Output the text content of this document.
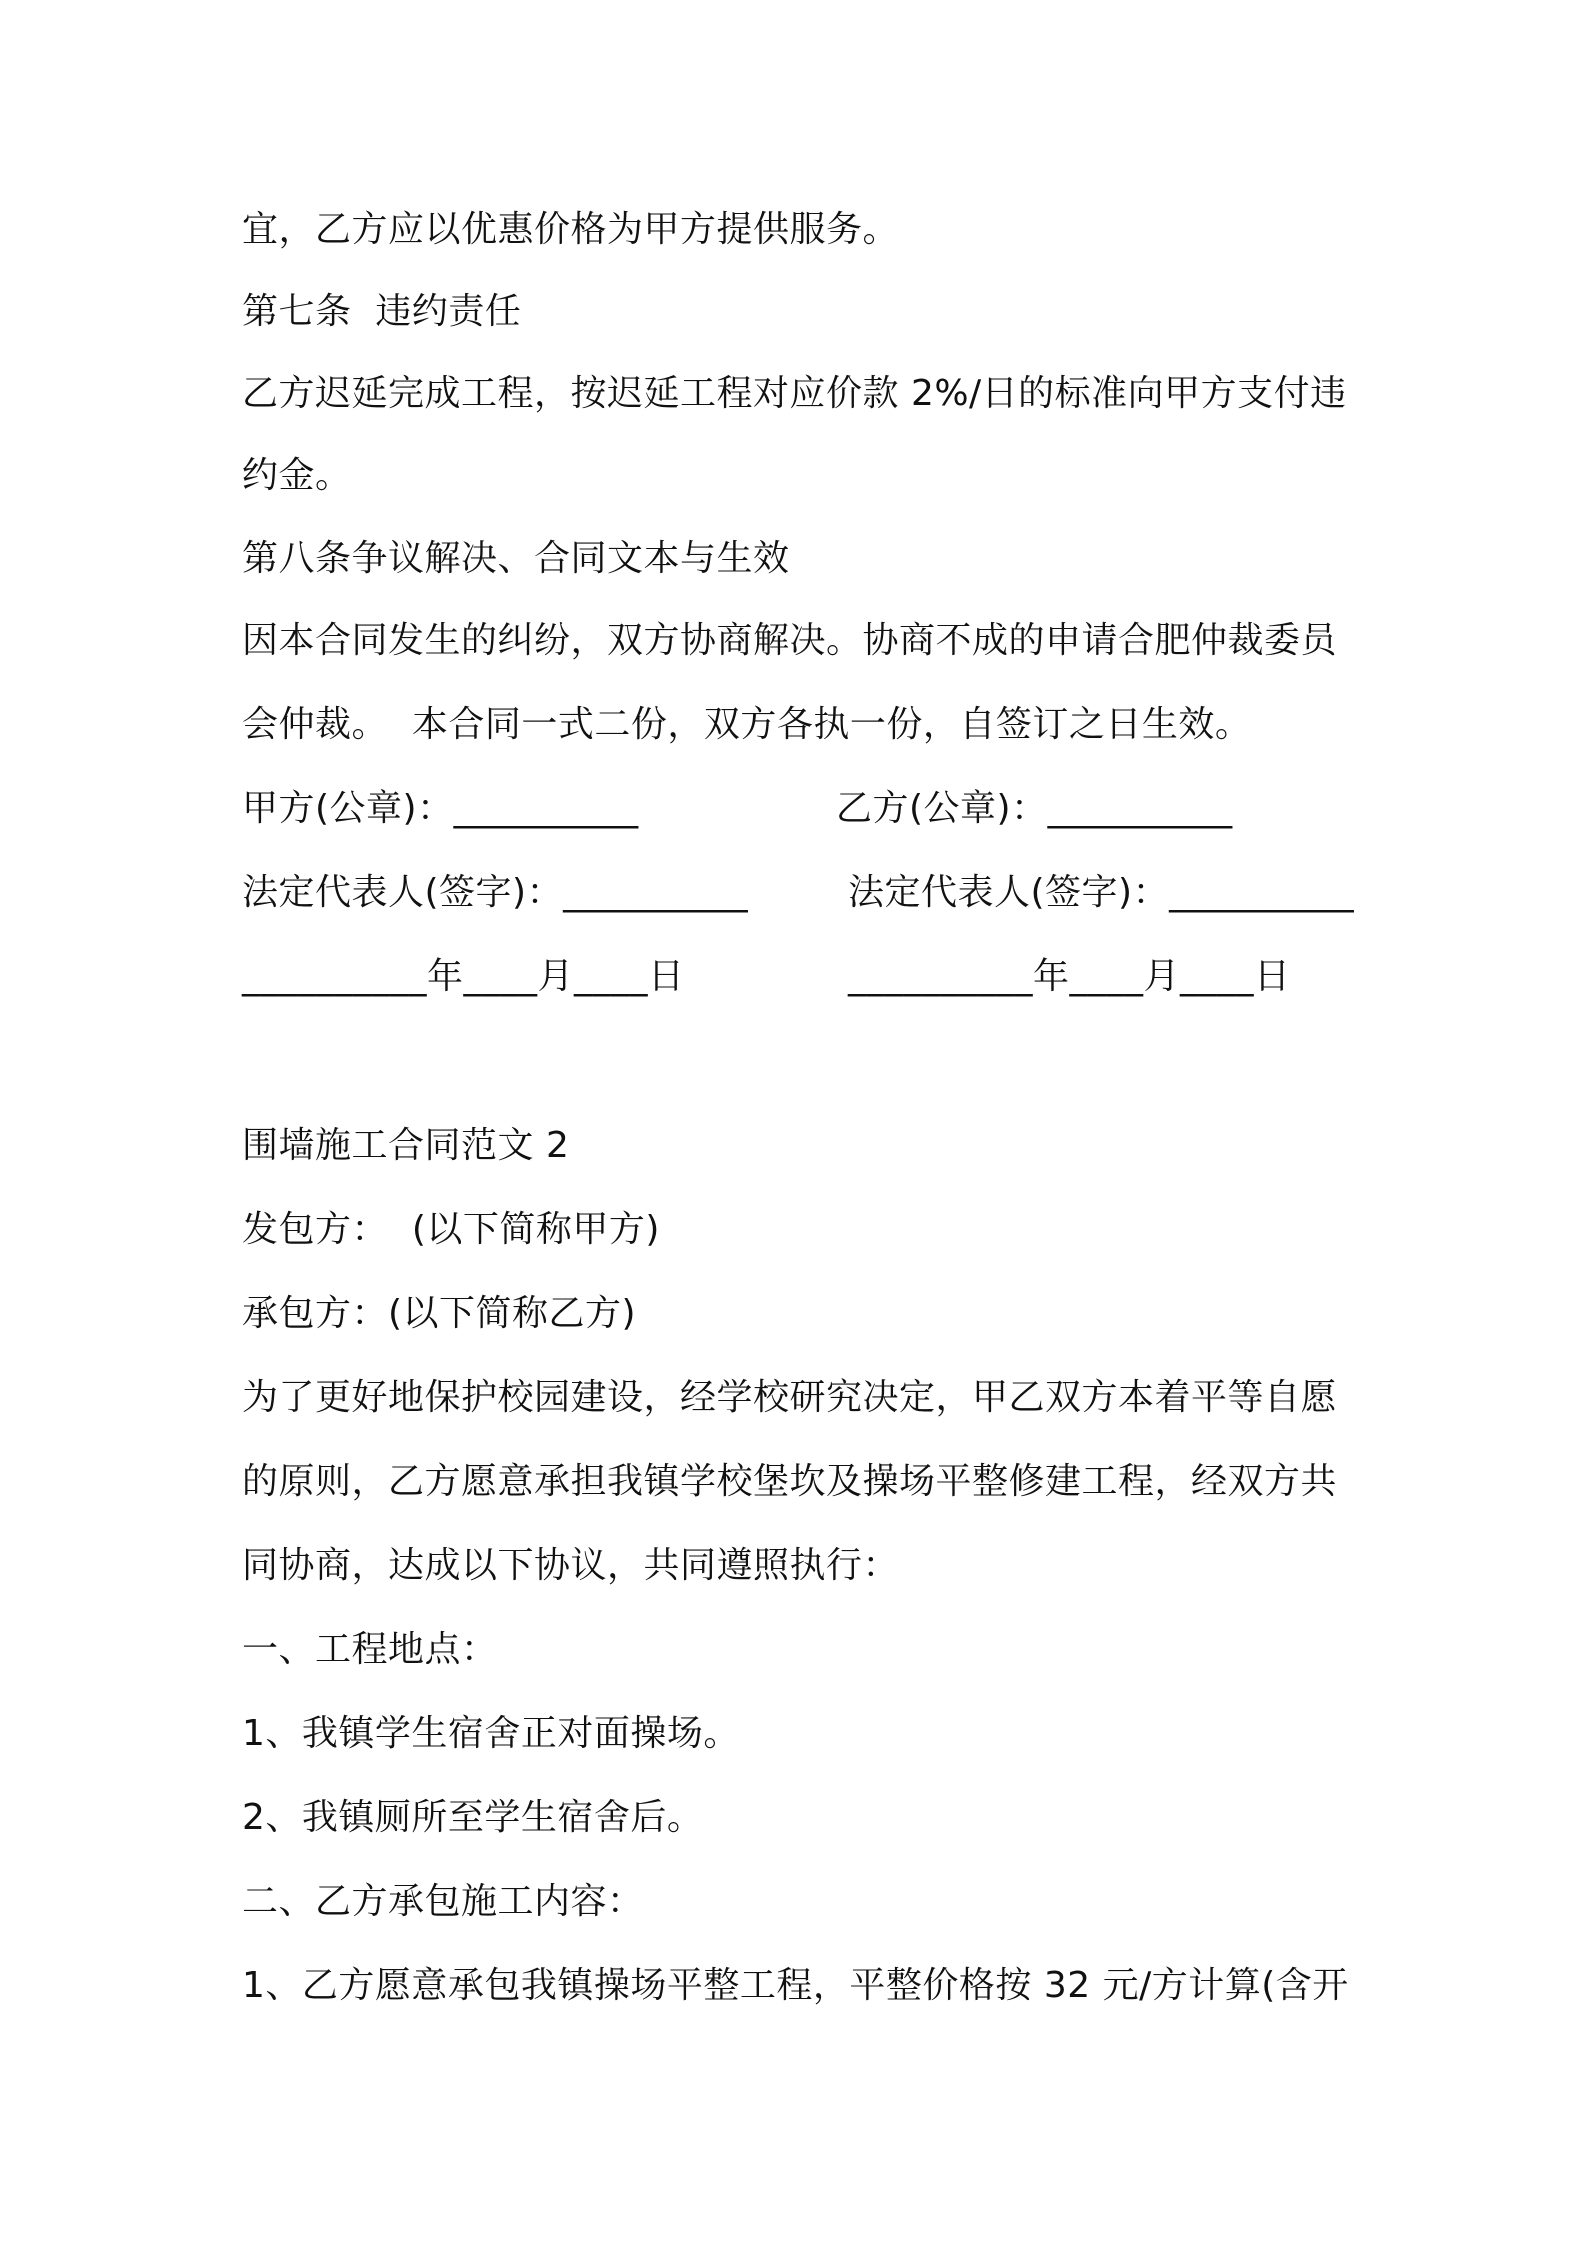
宜，乙方应以优惠价格为甲方提供服务。
第七条  违约责任
乙方迟延完成工程，按迟延工程对应价款 2%/日的标准向甲方支付违
约金。
第八条争议解决、合同文本与生效
因本合同发生的纠纷，双方协商解决。协商不成的申请合肥仲裁委员
会仲裁。  本合同一式二份，双方各执一份，自签订之日生效。
甲方(公章)：__________	乙方(公章)：__________
法定代表人(签字)：__________	法定代表人(签字)：__________
__________年____月____日	__________年____月____日
围墙施工合同范文 2
发包方：  (以下简称甲方)
承包方：(以下简称乙方)
为了更好地保护校园建设，经学校研究决定，甲乙双方本着平等自愿
的原则，乙方愿意承担我镇学校堡坎及操场平整修建工程，经双方共
同协商，达成以下协议，共同遵照执行：
一、工程地点：
1、我镇学生宿舍正对面操场。
2、我镇厕所至学生宿舍后。
二、乙方承包施工内容：
1、乙方愿意承包我镇操场平整工程，平整价格按 32 元/方计算(含开
